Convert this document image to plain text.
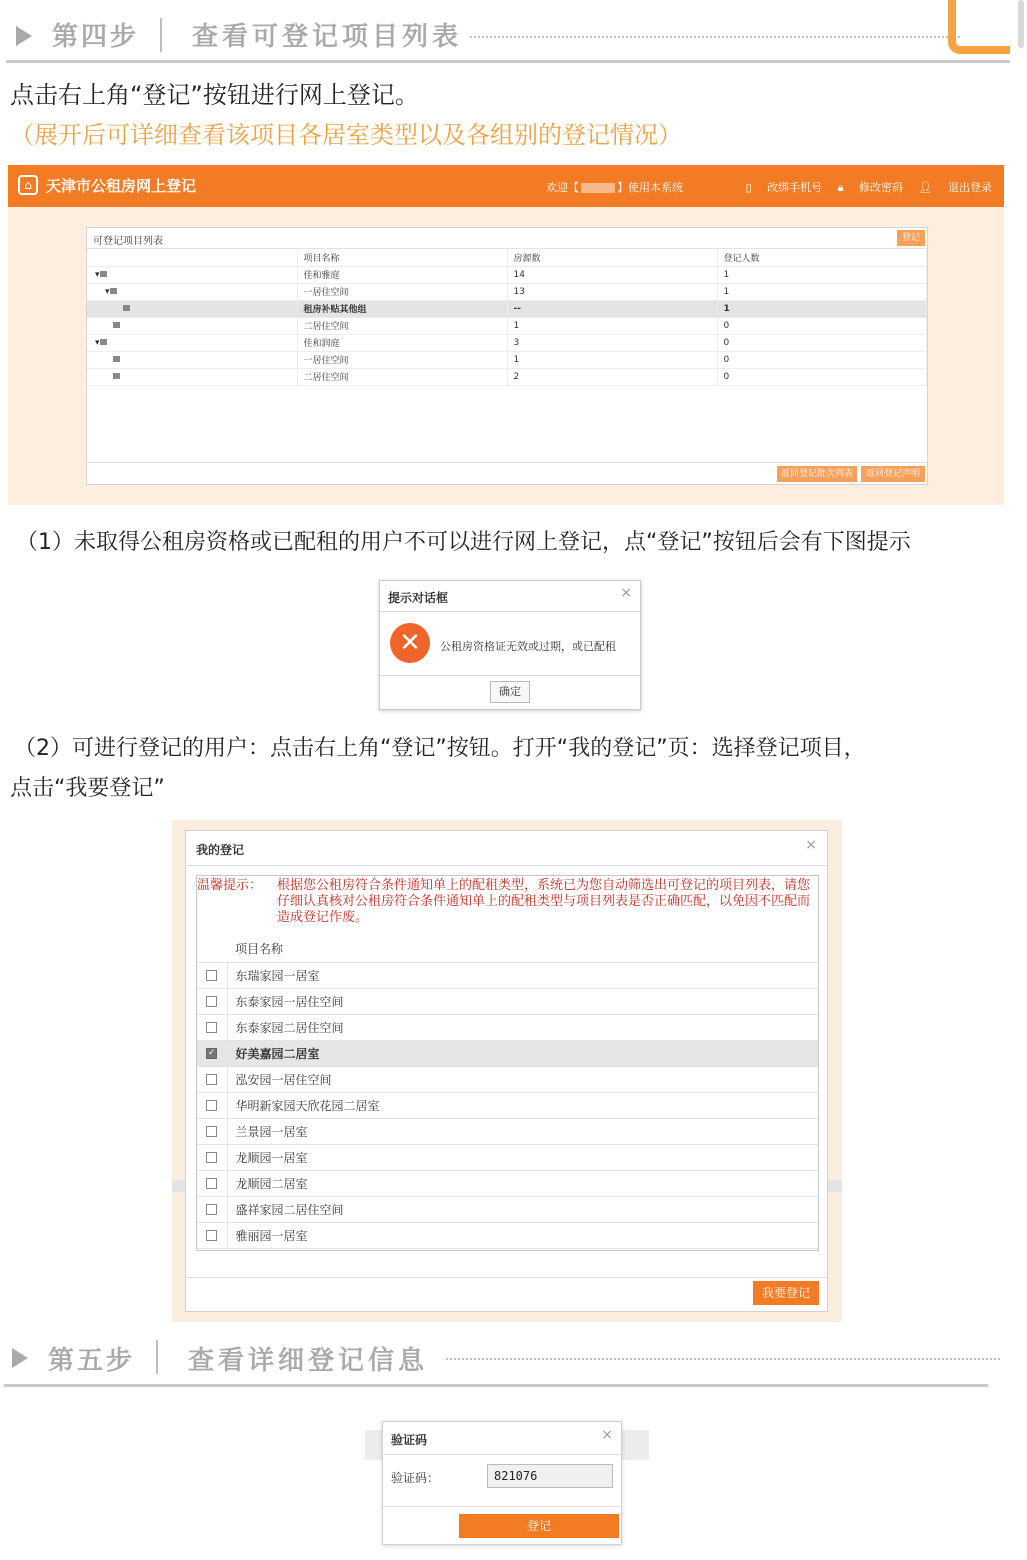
第四步 查看可登记项目列表
点击右上角“登记”按钮进行网上登记。
（展开后可详细查看该项目各居室类型以及各组别的登记情况）
⌂ 天津市公租房网上登记	欢迎【	】使用本系统	▯ 改绑手机号 🔒︎ 修改密码 👤︎ 退出登录
可登记项目列表	登记
	项目名称	房源数	登记人数
▾	佳和雅庭	14	1
▾	一居住空间	13	1
	租房补贴其他组	--	1
	二居住空间	1	0
▾	佳和润庭	3	0
	一居住空间	1	0
	二居住空间	2	0
返回登记批次列表	返回登记声明
（1）未取得公租房资格或已配租的用户不可以进行网上登记，点“登记”按钮后会有下图提示
提示对话框	×
✕	公租房资格证无效或过期，或已配租
确定
（2）可进行登记的用户：点击右上角“登记”按钮。打开“我的登记”页：选择登记项目，
点击“我要登记”
我的登记	×
温馨提示： 根据您公租房符合条件通知单上的配租类型，系统已为您自动筛选出可登记的项目列表，请您仔细认真核对公租房符合条件通知单上的配租类型与项目列表是否正确匹配，以免因不匹配而造成登记作废。
	项目名称
	东瑞家园一居室
	东泰家园一居住空间
	东泰家园二居住空间
✓	好美嘉园二居室
	泓安园一居住空间
	华明新家园天欣花园二居室
	兰景园一居室
	龙顺园一居室
	龙顺园二居室
	盛祥家园二居住空间
	雅丽园一居室
我要登记
第五步 查看详细登记信息
验证码	×
验证码：	821076
登记
